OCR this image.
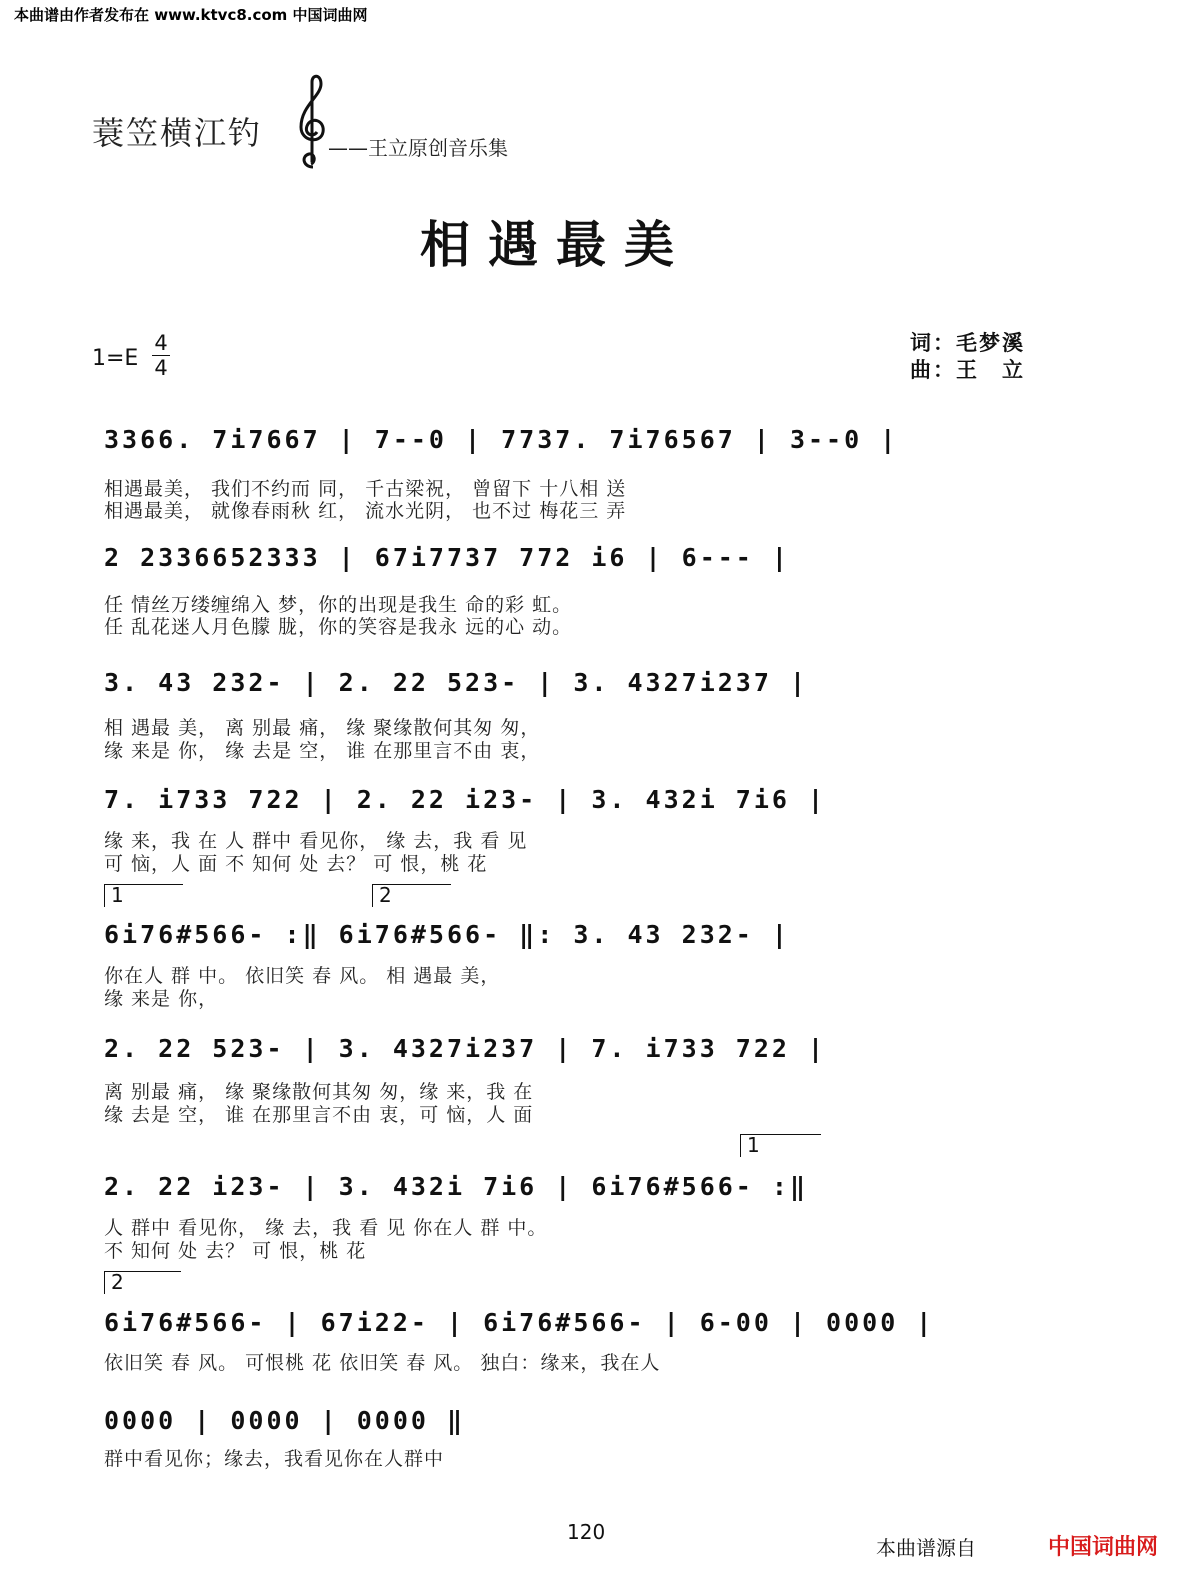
本曲谱由作者发布在 www.ktvc8.com 中国词曲网
蓑笠横江钓	——王立原创音乐集
相遇最美
1=E
4
4
词：毛梦溪
曲：王　立
3366. 7i7667 | 7--0 | 7737. 7i76567 | 3--0 |
相遇最美， 我们不约而 同， 千古梁祝， 曾留下 十八相 送
相遇最美， 就像春雨秋 红， 流水光阴， 也不过 梅花三 弄
2 2336652333 | 67i7737 772 i6 | 6--- |
任 情丝万缕缠绵入 梦，你的出现是我生 命的彩 虹。
任 乱花迷人月色朦 胧，你的笑容是我永 远的心 动。
3. 43 232- | 2. 22 523- | 3. 4327i237 |
相 遇最 美， 离 别最 痛， 缘 聚缘散何其匆 匆，
缘 来是 你， 缘 去是 空， 谁 在那里言不由 衷，
7. i733 722 | 2. 22 i23- | 3. 432i 7i6 |
缘 来，我 在 人 群中 看见你， 缘 去，我 看 见
可 恼，人 面 不 知何 处 去？ 可 恨，桃 花
1	2
6i76#566- :‖ 6i76#566- ‖: 3. 43 232- |
你在人 群 中。 依旧笑 春 风。 相 遇最 美，
缘 来是 你，
2. 22 523- | 3. 4327i237 | 7. i733 722 |
离 别最 痛， 缘 聚缘散何其匆 匆，缘 来，我 在
缘 去是 空， 谁 在那里言不由 衷，可 恼，人 面
1
2. 22 i23- | 3. 432i 7i6 | 6i76#566- :‖
人 群中 看见你， 缘 去，我 看 见 你在人 群 中。
不 知何 处 去？ 可 恨，桃 花
2
6i76#566- | 67i22- | 6i76#566- | 6-00 | 0000 |
依旧笑 春 风。 可恨桃 花 依旧笑 春 风。 独白：缘来，我在人
0000 | 0000 | 0000 ‖
群中看见你；缘去，我看见你在人群中
120
本曲谱源自	中国词曲网
